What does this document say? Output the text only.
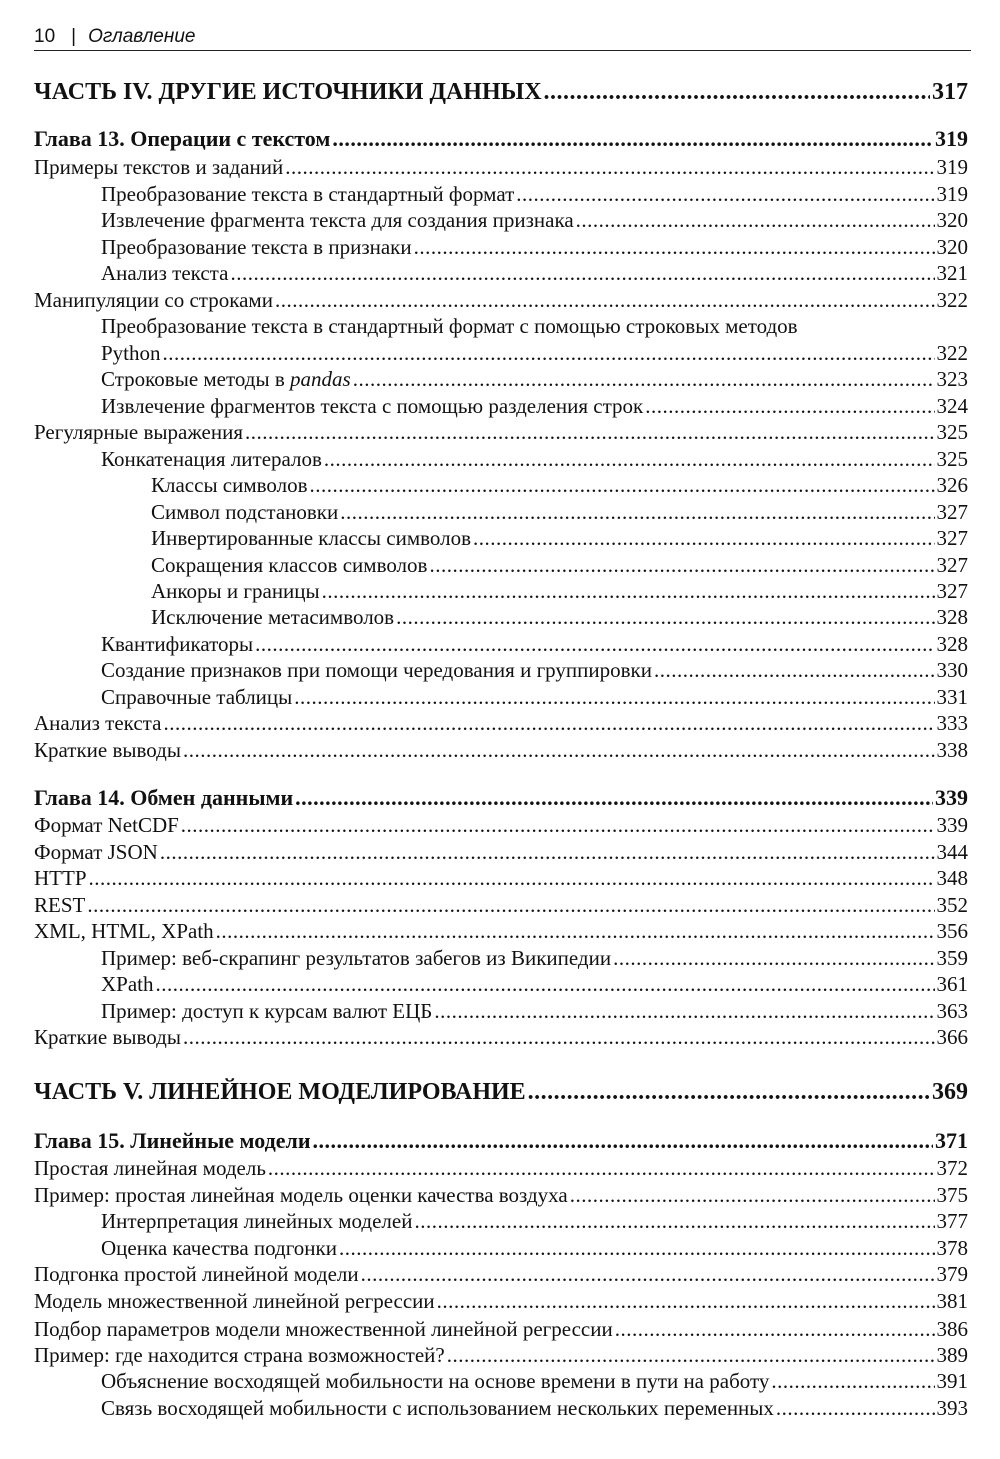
10 | Оглавление
ЧАСТЬ IV. ДРУГИЕ ИСТОЧНИКИ ДАННЫХ .....	317
Глава 13. Операции с текстом .....	319
Примеры текстов и заданий .....	319
Преобразование текста в стандартный формат .....	319
Извлечение фрагмента текста для создания признака .....	320
Преобразование текста в признаки .....	320
Анализ текста .....	321
Манипуляции со строками .....	322
Преобразование текста в стандартный формат с помощью строковых методов
Python .....	322
Строковые методы в pandas .....	323
Извлечение фрагментов текста с помощью разделения строк .....	324
Регулярные выражения .....	325
Конкатенация литералов .....	325
Классы символов .....	326
Символ подстановки .....	327
Инвертированные классы символов .....	327
Сокращения классов символов .....	327
Анкоры и границы .....	327
Исключение метасимволов .....	328
Квантификаторы .....	328
Создание признаков при помощи чередования и группировки .....	330
Справочные таблицы .....	331
Анализ текста .....	333
Краткие выводы .....	338
Глава 14. Обмен данными .....	339
Формат NetCDF .....	339
Формат JSON .....	344
HTTP .....	348
REST .....	352
XML, HTML, XPath .....	356
Пример: веб-скрапинг результатов забегов из Википедии .....	359
XPath .....	361
Пример: доступ к курсам валют ЕЦБ .....	363
Краткие выводы .....	366
ЧАСТЬ V. ЛИНЕЙНОЕ МОДЕЛИРОВАНИЕ .....	369
Глава 15. Линейные модели .....	371
Простая линейная модель .....	372
Пример: простая линейная модель оценки качества воздуха .....	375
Интерпретация линейных моделей .....	377
Оценка качества подгонки .....	378
Подгонка простой линейной модели .....	379
Модель множественной линейной регрессии .....	381
Подбор параметров модели множественной линейной регрессии .....	386
Пример: где находится страна возможностей? .....	389
Объяснение восходящей мобильности на основе времени в пути на работу .....	391
Связь восходящей мобильности с использованием нескольких переменных .....	393
